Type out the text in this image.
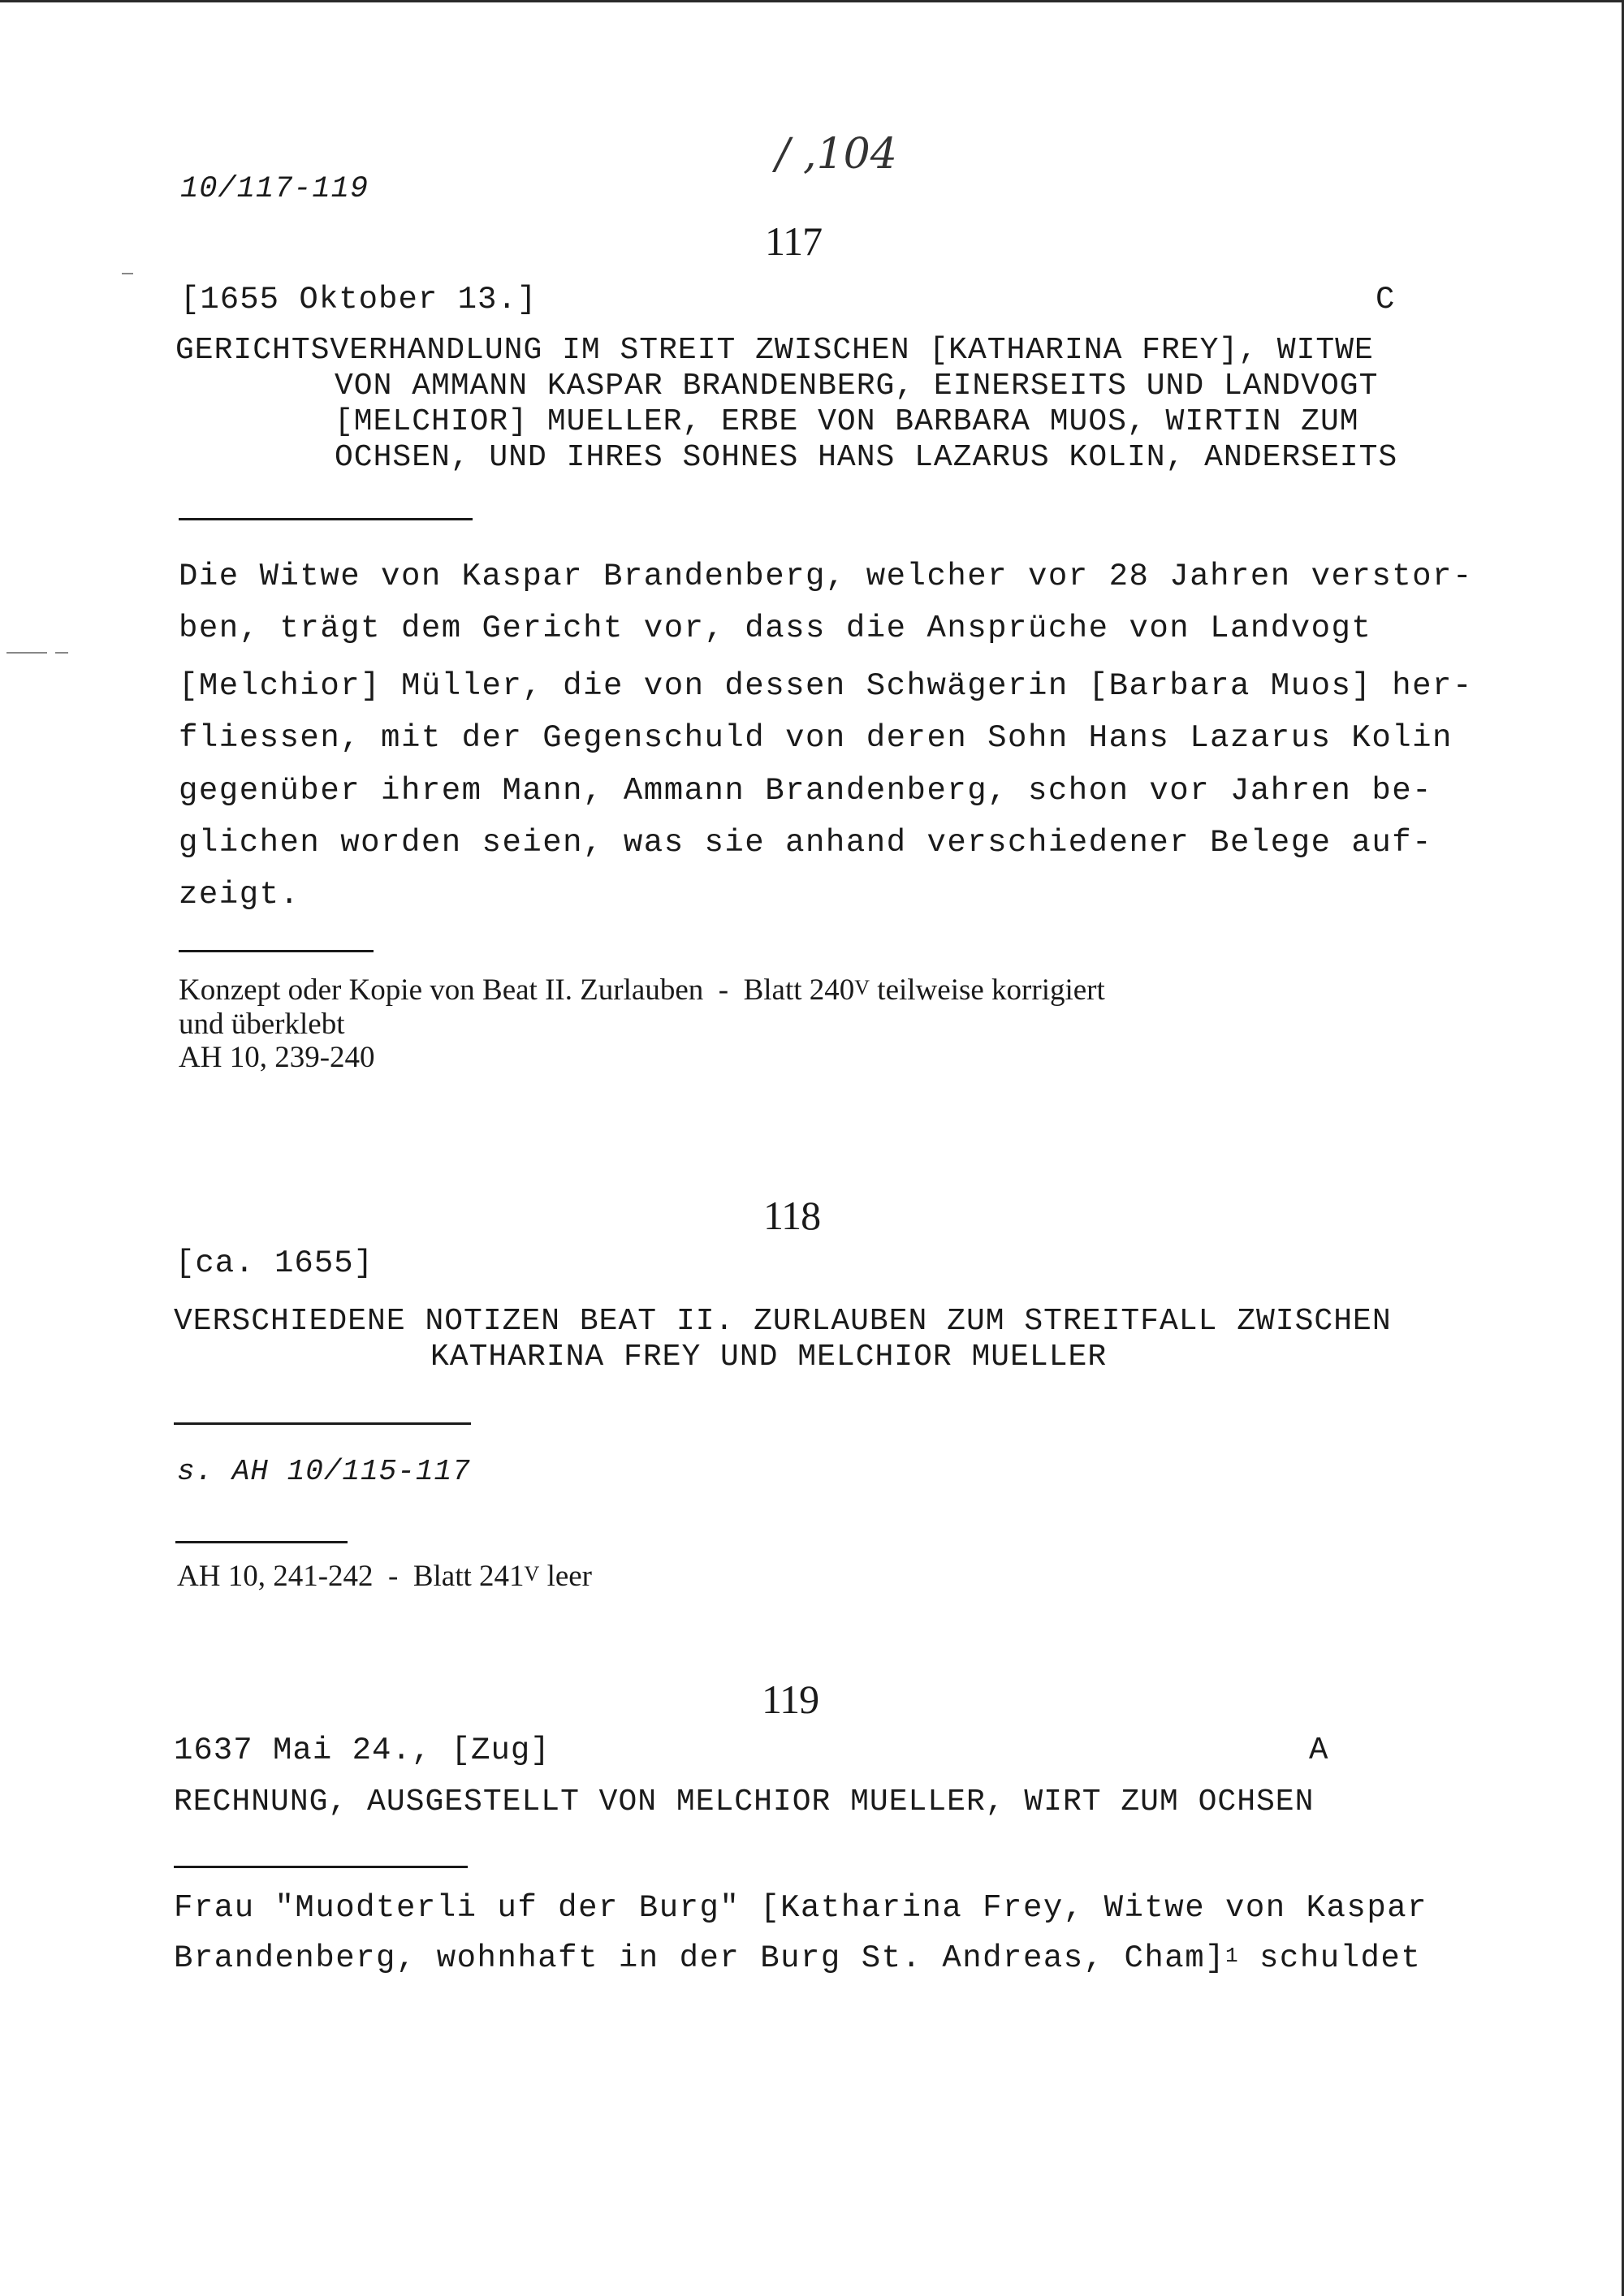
10/117-119
/ ,104
117
[1655 Oktober 13.]	C
GERICHTSVERHANDLUNG IM STREIT ZWISCHEN [KATHARINA FREY], WITWE
VON AMMANN KASPAR BRANDENBERG, EINERSEITS UND LANDVOGT
[MELCHIOR] MUELLER, ERBE VON BARBARA MUOS, WIRTIN ZUM
OCHSEN, UND IHRES SOHNES HANS LAZARUS KOLIN, ANDERSEITS
Die Witwe von Kaspar Brandenberg, welcher vor 28 Jahren verstor-
ben, trägt dem Gericht vor, dass die Ansprüche von Landvogt
[Melchior] Müller, die von dessen Schwägerin [Barbara Muos] her-
fliessen, mit der Gegenschuld von deren Sohn Hans Lazarus Kolin
gegenüber ihrem Mann, Ammann Brandenberg, schon vor Jahren be-
glichen worden seien, was sie anhand verschiedener Belege auf-
zeigt.
Konzept oder Kopie von Beat II. Zurlauben  -  Blatt $240^V$ teilweise korrigiert
und überklebt
AH 10, 239-240
118
[ca. 1655]
VERSCHIEDENE NOTIZEN BEAT II. ZURLAUBEN ZUM STREITFALL ZWISCHEN
KATHARINA FREY UND MELCHIOR MUELLER
s. AH 10/115-117
AH 10, 241-242  -  Blatt $241^V$ leer
119
1637 Mai 24., [Zug]	A
RECHNUNG, AUSGESTELLT VON MELCHIOR MUELLER, WIRT ZUM OCHSEN
Frau "Muodterli uf der Burg" [Katharina Frey, Witwe von Kaspar
Brandenberg, wohnhaft in der Burg St. Andreas, Cham]$^1$ schuldet
